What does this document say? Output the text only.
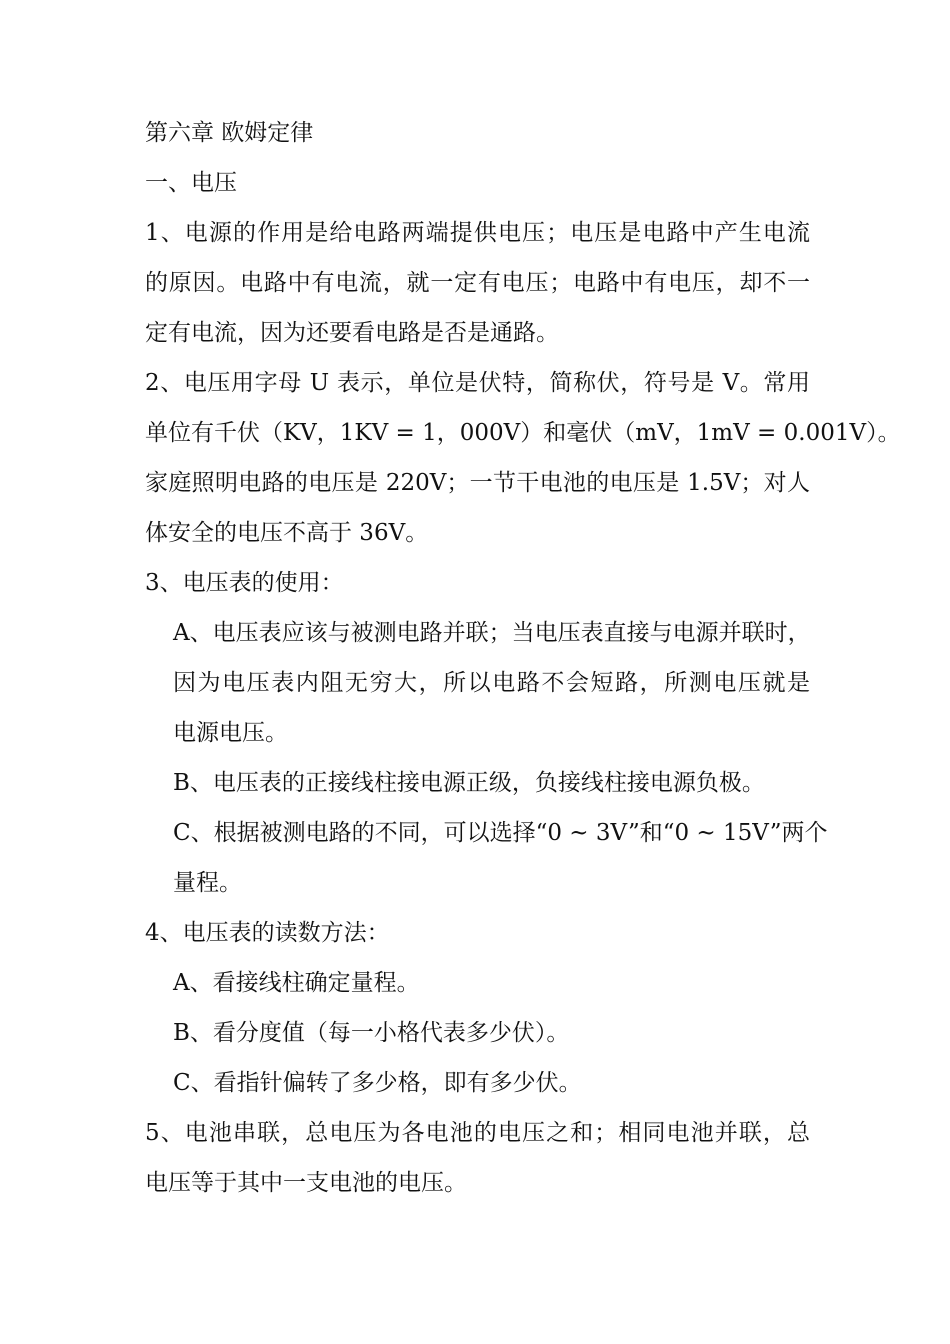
第六章 欧姆定律

一、电压

1、电源的作用是给电路两端提供电压；电压是电路中产生电流

的原因。电路中有电流，就一定有电压；电路中有电压，却不一

定有电流，因为还要看电路是否是通路。

2、电压用字母 U 表示，单位是伏特，简称伏，符号是 V。常用

单位有千伏（KV，1KV = 1，000V）和毫伏（mV，1mV = 0.001V）。

家庭照明电路的电压是 220V；一节干电池的电压是 1.5V；对人

体安全的电压不高于 36V。

3、电压表的使用：

A、电压表应该与被测电路并联；当电压表直接与电源并联时，

因为电压表内阻无穷大，所以电路不会短路，所测电压就是

电源电压。

B、电压表的正接线柱接电源正级，负接线柱接电源负极。

C、根据被测电路的不同，可以选择“0 ~ 3V”和“0 ~ 15V”两个

量程。

4、电压表的读数方法：

A、看接线柱确定量程。

B、看分度值（每一小格代表多少伏）。

C、看指针偏转了多少格，即有多少伏。

5、电池串联，总电压为各电池的电压之和；相同电池并联，总

电压等于其中一支电池的电压。
